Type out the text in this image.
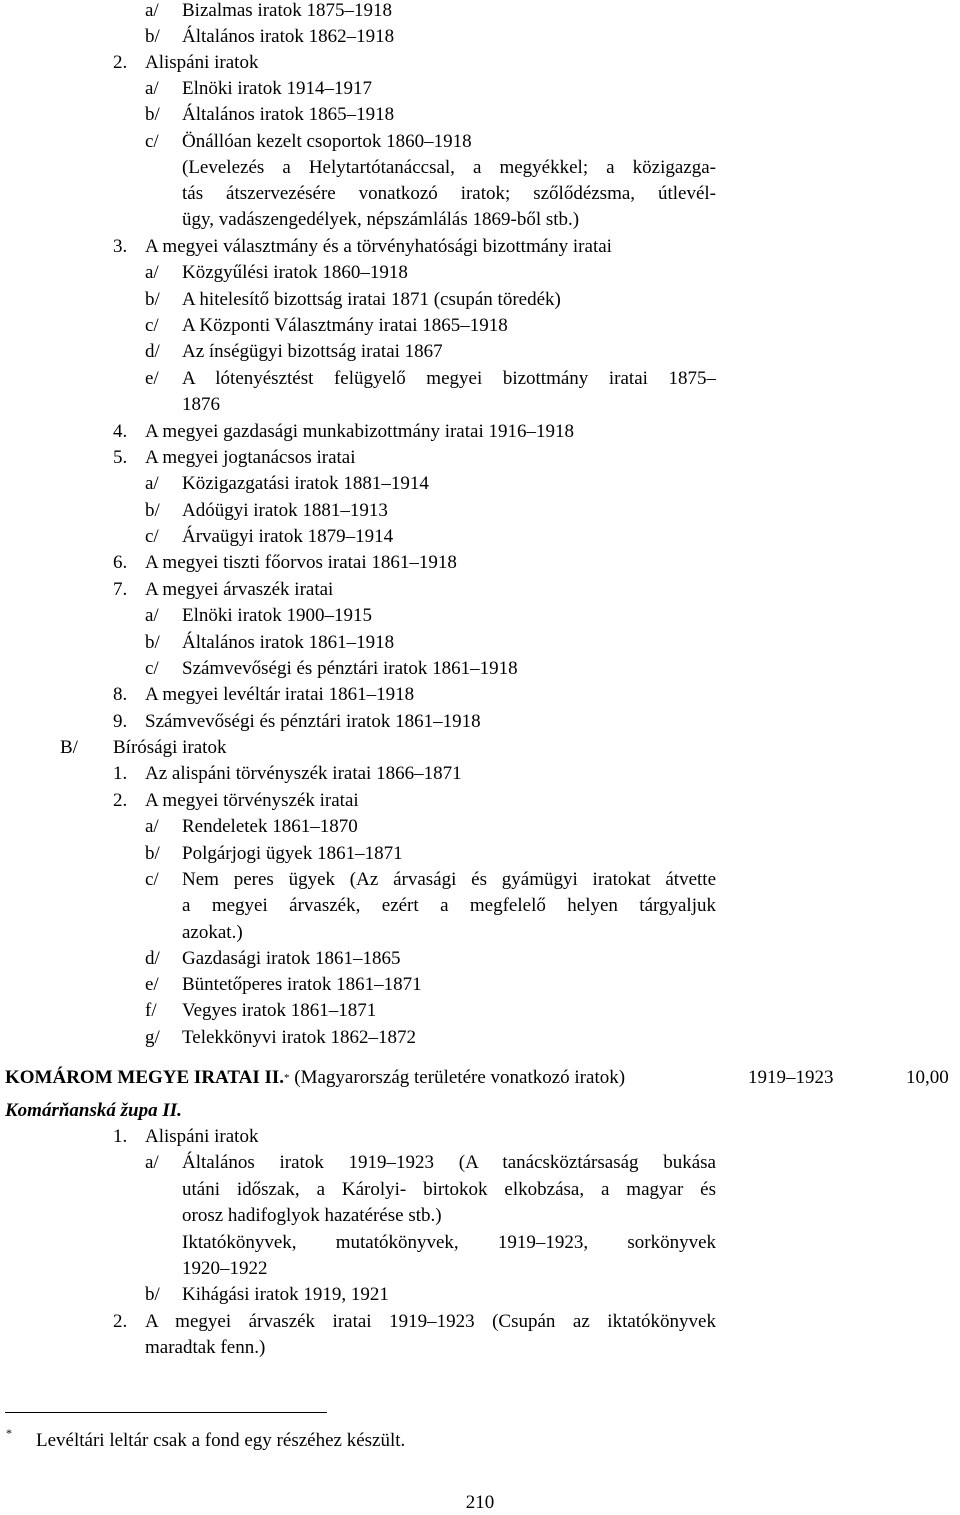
a/ Bizalmas iratok 1875–1918
b/ Általános iratok 1862–1918
2. Alispáni iratok
a/ Elnöki iratok 1914–1917
b/ Általános iratok 1865–1918
c/ Önállóan kezelt csoportok 1860–1918
(Levelezés a Helytartótanáccsal, a megyékkel; a közigazga-
tás átszervezésére vonatkozó iratok; szőlődézsma, útlevél-
ügy, vadászengedélyek, népszámlálás 1869-ből stb.)
3. A megyei választmány és a törvényhatósági bizottmány iratai
a/ Közgyűlési iratok 1860–1918
b/ A hitelesítő bizottság iratai 1871 (csupán töredék)
c/ A Központi Választmány iratai 1865–1918
d/ Az ínségügyi bizottság iratai 1867
e/ A lótenyésztést felügyelő megyei bizottmány iratai 1875–
1876
4. A megyei gazdasági munkabizottmány iratai 1916–1918
5. A megyei jogtanácsos iratai
a/ Közigazgatási iratok 1881–1914
b/ Adóügyi iratok 1881–1913
c/ Árvaügyi iratok 1879–1914
6. A megyei tiszti főorvos iratai 1861–1918
7. A megyei árvaszék iratai
a/ Elnöki iratok 1900–1915
b/ Általános iratok 1861–1918
c/ Számvevőségi és pénztári iratok 1861–1918
8. A megyei levéltár iratai 1861–1918
9. Számvevőségi és pénztári iratok 1861–1918
B/ Bírósági iratok
1. Az alispáni törvényszék iratai 1866–1871
2. A megyei törvényszék iratai
a/ Rendeletek 1861–1870
b/ Polgárjogi ügyek 1861–1871
c/ Nem peres ügyek (Az árvasági és gyámügyi iratokat átvette
a megyei árvaszék, ezért a megfelelő helyen tárgyaljuk
azokat.)
d/ Gazdasági iratok 1861–1865
e/ Büntetőperes iratok 1861–1871
f/ Vegyes iratok 1861–1871
g/ Telekkönyvi iratok 1862–1872
KOMÁROM MEGYE IRATAI II.* (Magyarország területére vonatkozó iratok)	1919–1923	10,00
Komárňanská župa II.
1. Alispáni iratok
a/ Általános iratok 1919–1923 (A tanácsköztársaság bukása
utáni időszak, a Károlyi- birtokok elkobzása, a magyar és
orosz hadifoglyok hazatérése stb.)
Iktatókönyvek, mutatókönyvek, 1919–1923, sorkönyvek
1920–1922
b/ Kihágási iratok 1919, 1921
2. A megyei árvaszék iratai 1919–1923 (Csupán az iktatókönyvek
maradtak fenn.)
* Levéltári leltár csak a fond egy részéhez készült.
210
